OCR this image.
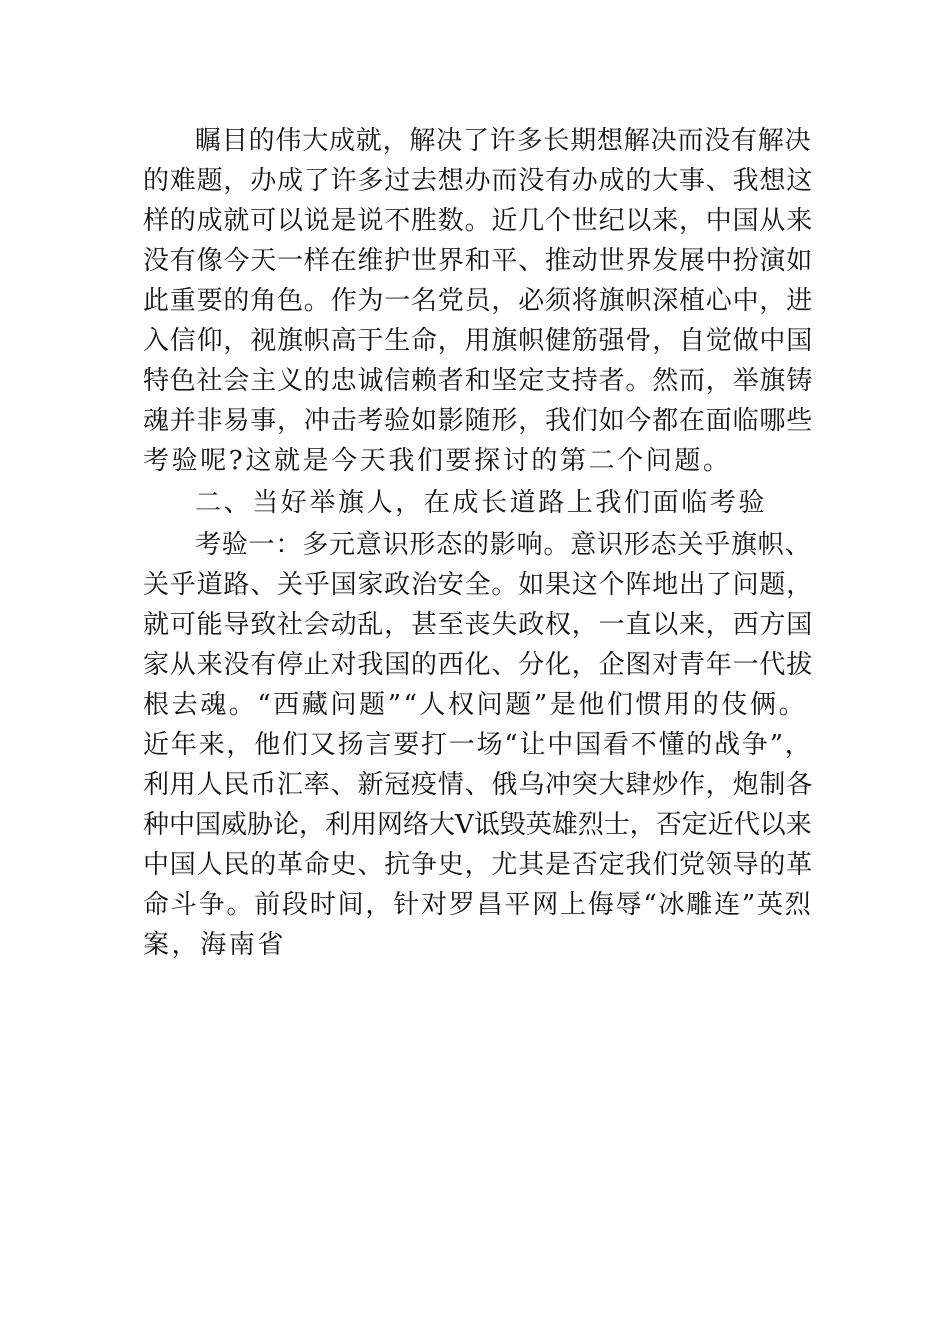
瞩目的伟大成就，解决了许多长期想解决而没有解决
的难题，办成了许多过去想办而没有办成的大事、我想这
样的成就可以说是说不胜数。近几个世纪以来，中国从来
没有像今天一样在维护世界和平、推动世界发展中扮演如
此重要的角色。作为一名党员，必须将旗帜深植心中，进
入信仰，视旗帜高于生命，用旗帜健筋强骨，自觉做中国
特色社会主义的忠诚信赖者和坚定支持者。然而，举旗铸
魂并非易事，冲击考验如影随形，我们如今都在面临哪些
考验呢?这就是今天我们要探讨的第二个问题。
二、当好举旗人，在成长道路上我们面临考验
考验一：多元意识形态的影响。意识形态关乎旗帜、
关乎道路、关乎国家政治安全。如果这个阵地出了问题，
就可能导致社会动乱，甚至丧失政权，一直以来，西方国
家从来没有停止对我国的西化、分化，企图对青年一代拔
根去魂。“西藏问题”“人权问题”是他们惯用的伎俩。
近年来，他们又扬言要打一场“让中国看不懂的战争”，
利用人民币汇率、新冠疫情、俄乌冲突大肆炒作，炮制各
种中国威胁论，利用网络大V诋毁英雄烈士，否定近代以来
中国人民的革命史、抗争史，尤其是否定我们党领导的革
命斗争。前段时间，针对罗昌平网上侮辱“冰雕连”英烈
案，海南省
